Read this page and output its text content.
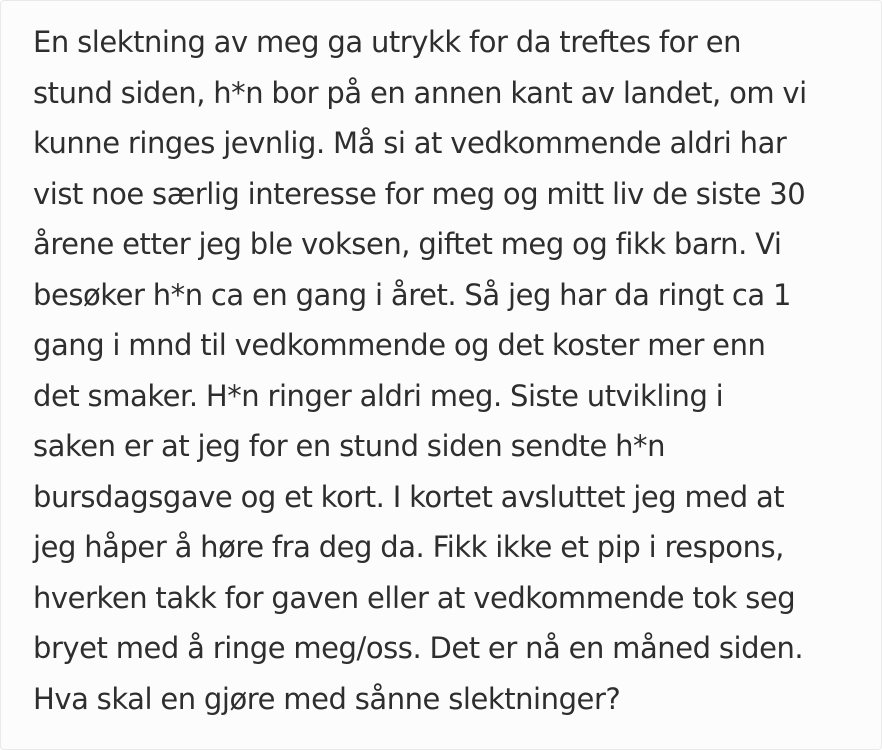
En slektning av meg ga utrykk for da treftes for en
stund siden, h*n bor på en annen kant av landet, om vi
kunne ringes jevnlig. Må si at vedkommende aldri har
vist noe særlig interesse for meg og mitt liv de siste 30
årene etter jeg ble voksen, giftet meg og fikk barn. Vi
besøker h*n ca en gang i året. Så jeg har da ringt ca 1
gang i mnd til vedkommende og det koster mer enn
det smaker. H*n ringer aldri meg. Siste utvikling i
saken er at jeg for en stund siden sendte h*n
bursdagsgave og et kort. I kortet avsluttet jeg med at
jeg håper å høre fra deg da. Fikk ikke et pip i respons,
hverken takk for gaven eller at vedkommende tok seg
bryet med å ringe meg/oss. Det er nå en måned siden.
Hva skal en gjøre med sånne slektninger?
